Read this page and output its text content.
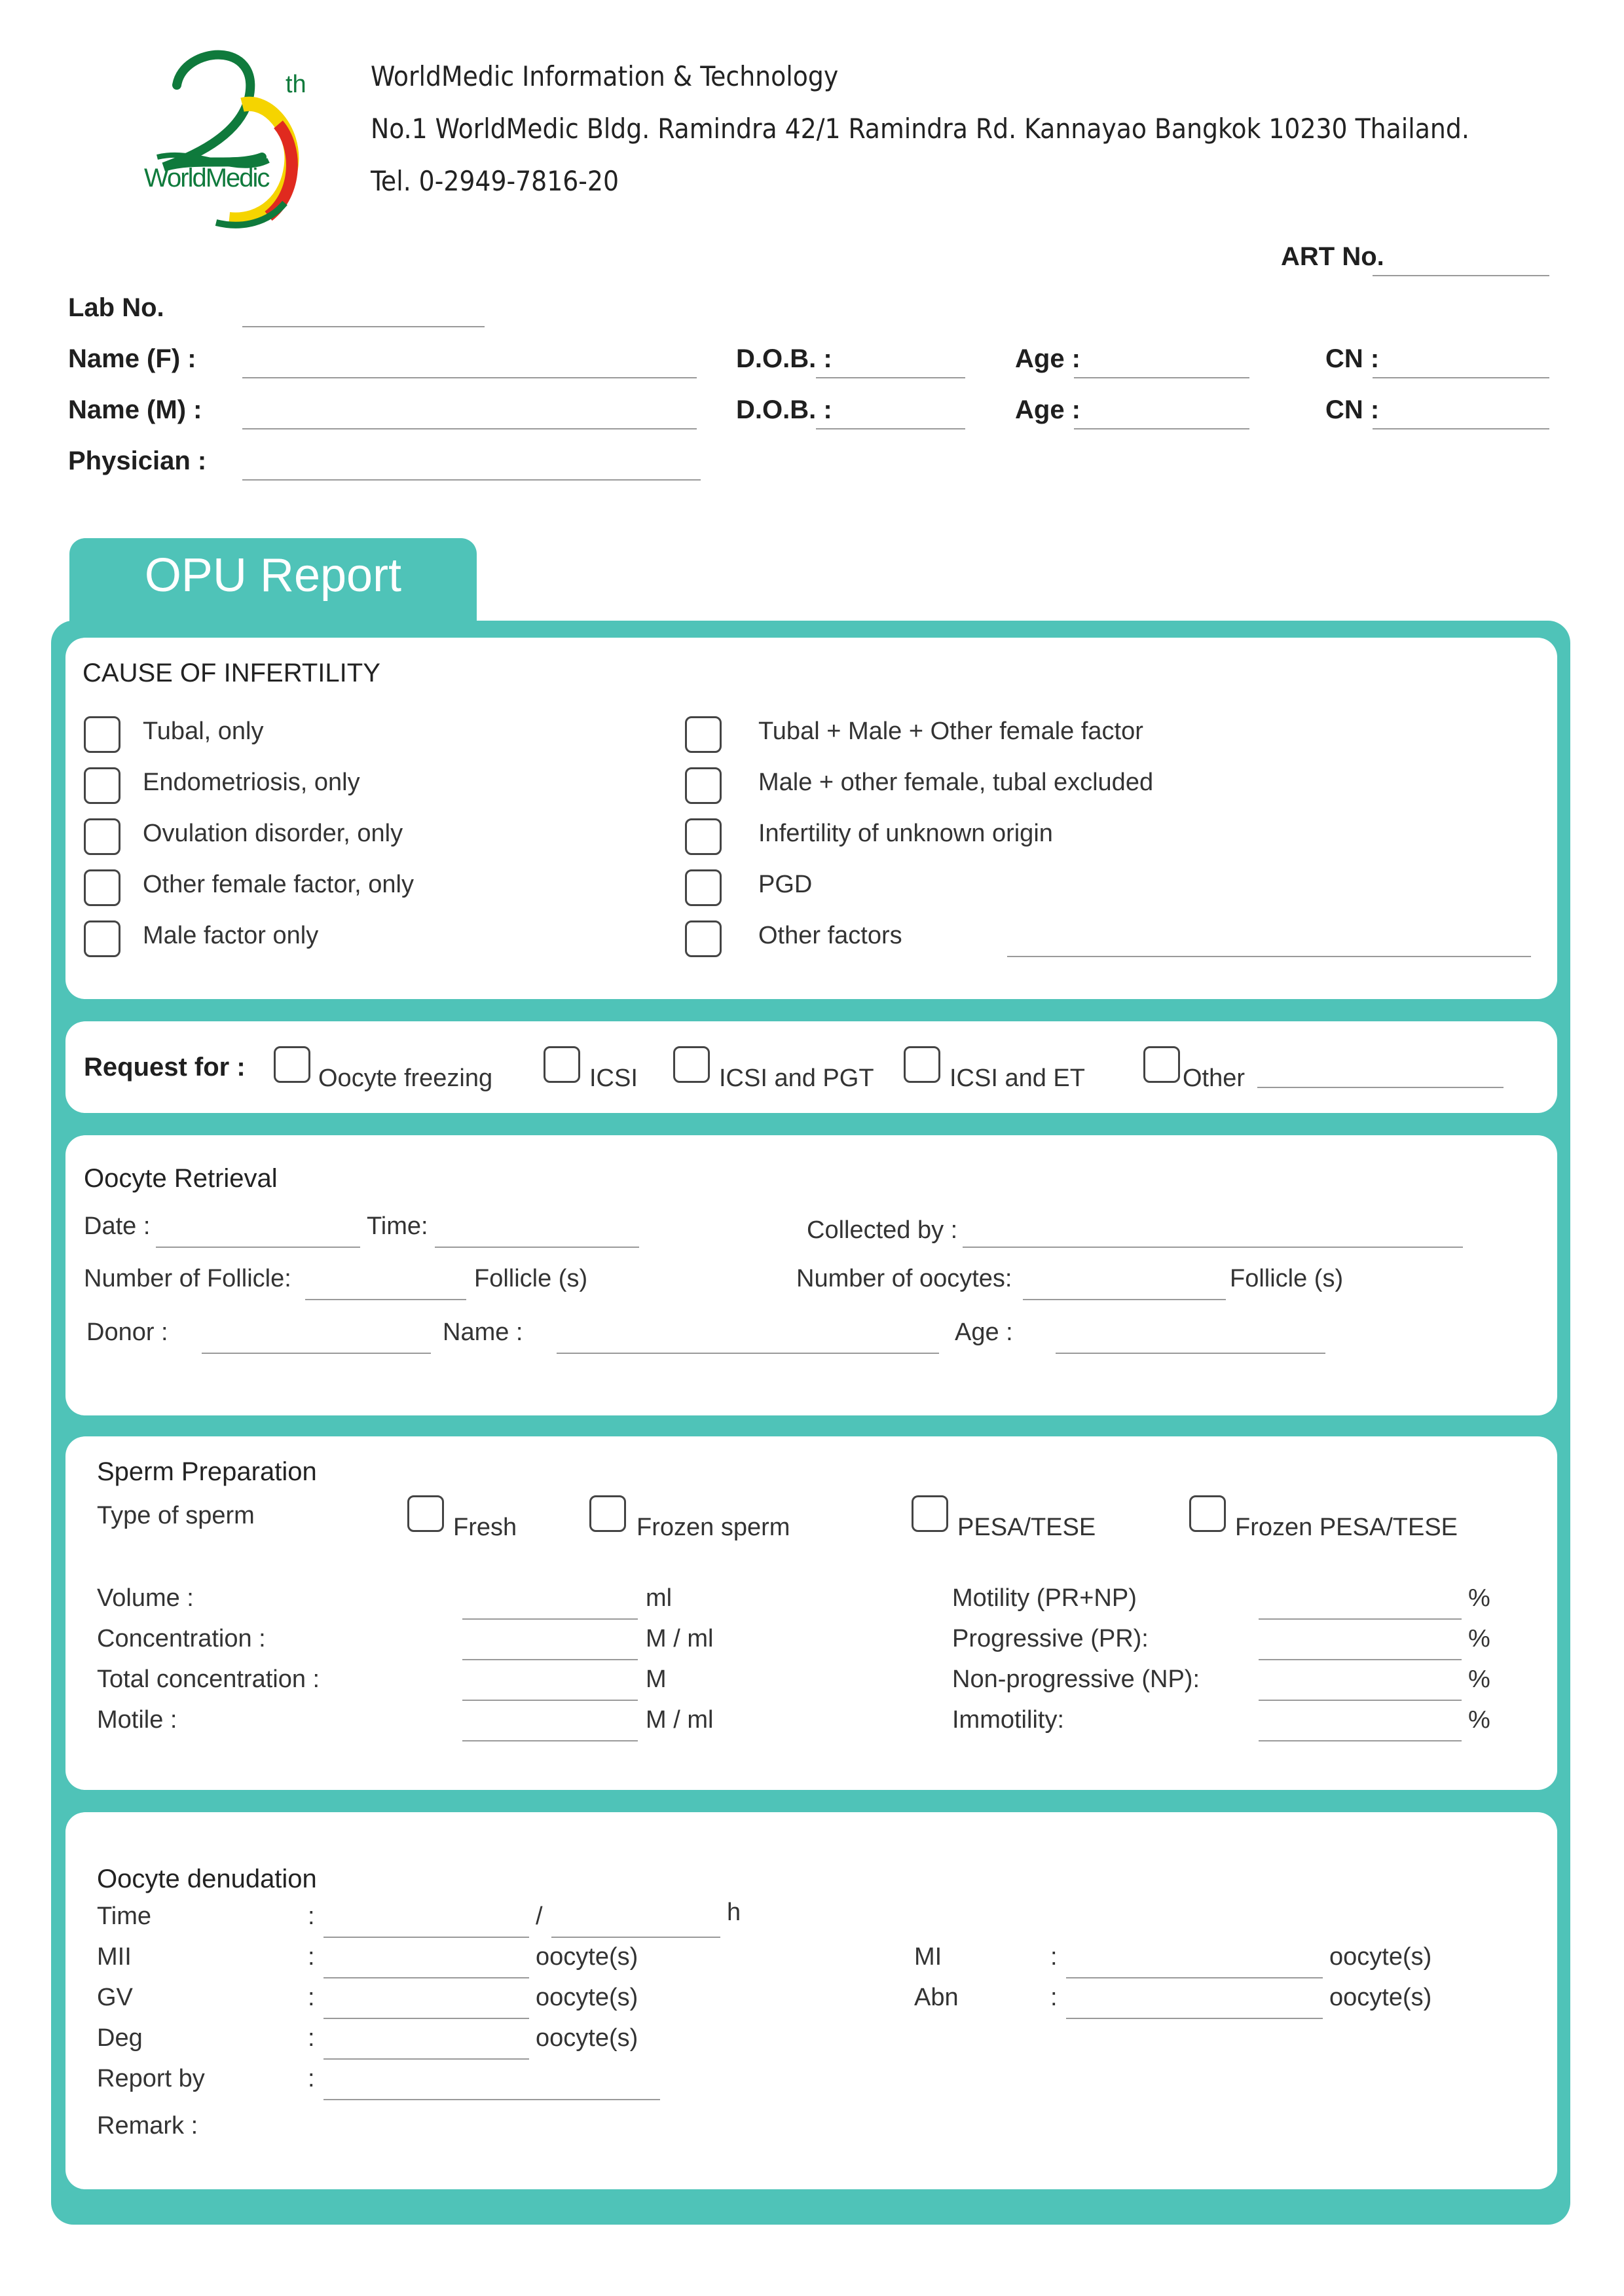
th
WorldMedic
WorldMedic Information & Technology
No.1 WorldMedic Bldg. Ramindra 42/1 Ramindra Rd. Kannayao Bangkok 10230 Thailand.
Tel. 0-2949-7816-20
ART No.
Lab No.
Name (F) :	D.O.B. :	Age :	CN :
Name (M) :	D.O.B. :	Age :	CN :
Physician :
OPU Report
CAUSE OF INFERTILITY
Tubal, only
Endometriosis, only
Ovulation disorder, only
Other female factor, only
Male factor only
Tubal + Male + Other female factor
Male + other female, tubal excluded
Infertility of unknown origin
PGD
Other factors
Request for :	Oocyte freezing	ICSI	ICSI and PGT	ICSI and ET	Other
Oocyte Retrieval
Date :	Time:	Collected by :
Number of Follicle:	Follicle (s)	Number of oocytes:	Follicle (s)
Donor :	Name :	Age :
Sperm Preparation
Type of sperm	Fresh	Frozen sperm	PESA/TESE	Frozen PESA/TESE
Volume :	ml
Concentration :	M / ml
Total concentration :	M
Motile :	M / ml
Motility (PR+NP)	%
Progressive (PR):	%
Non-progressive (NP):	%
Immotility:	%
Oocyte denudation
Time	:	/	h
MII	:	oocyte(s)
GV	:	oocyte(s)
Deg	:	oocyte(s)
Report by	:
Remark :
MI	:	oocyte(s)
Abn	:	oocyte(s)
